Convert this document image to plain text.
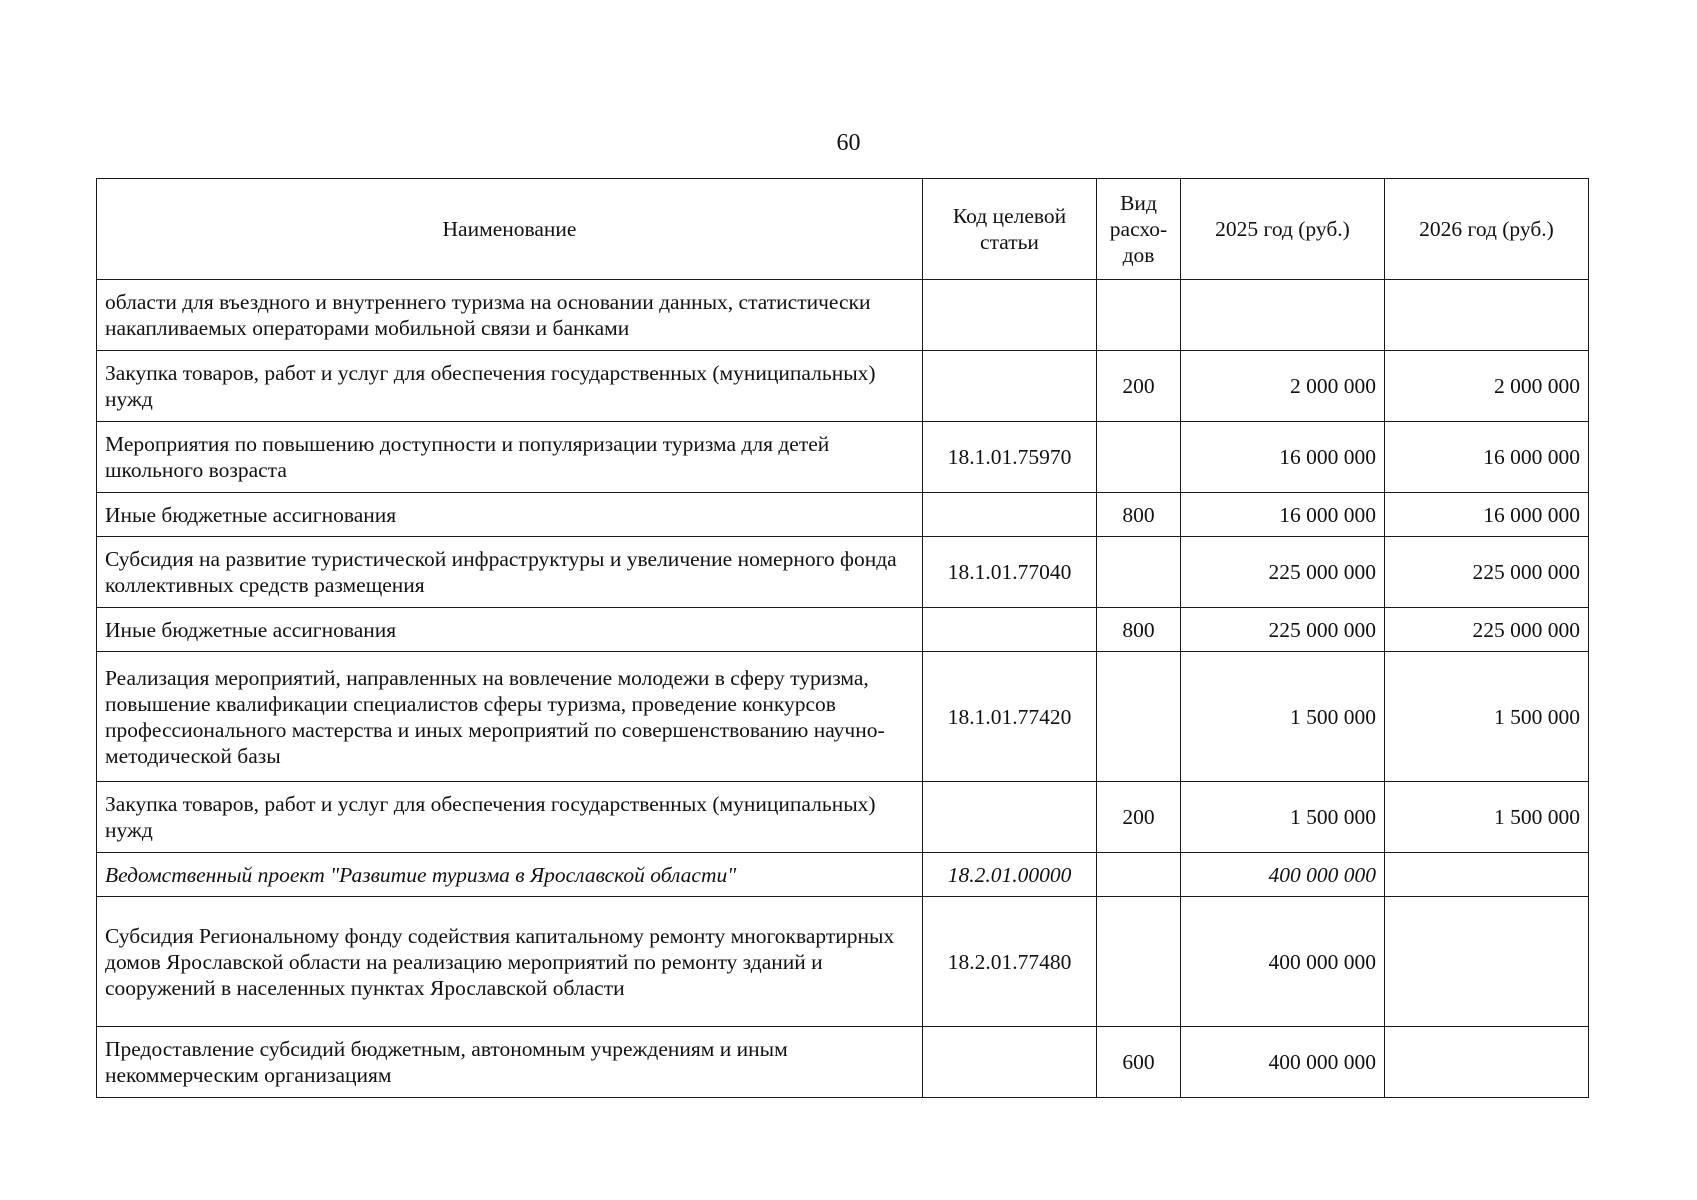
60
Наименование	Код целевой статьи	Вид расхо-дов	2025 год (руб.)	2026 год (руб.)

области для въездного и внутреннего туризма на основании данных, статистически накапливаемых операторами мобильной связи и банками				
Закупка товаров, работ и услуг для обеспечения государственных (муниципальных) нужд		200	2 000 000	2 000 000
Мероприятия по повышению доступности и популяризации туризма для детей школьного возраста	18.1.01.75970		16 000 000	16 000 000
Иные бюджетные ассигнования		800	16 000 000	16 000 000
Субсидия на развитие туристической инфраструктуры и увеличение номерного фонда коллективных средств размещения	18.1.01.77040		225 000 000	225 000 000
Иные бюджетные ассигнования		800	225 000 000	225 000 000
Реализация мероприятий, направленных на вовлечение молодежи в сферу туризма, повышение квалификации специалистов сферы туризма, проведение конкурсов профессионального мастерства и иных мероприятий по совершенствованию научно-методической базы	18.1.01.77420		1 500 000	1 500 000
Закупка товаров, работ и услуг для обеспечения государственных (муниципальных) нужд		200	1 500 000	1 500 000
Ведомственный проект "Развитие туризма в Ярославской области"	18.2.01.00000		400 000 000	
Субсидия Региональному фонду содействия капитальному ремонту многоквартирных домов Ярославской области на реализацию мероприятий по ремонту зданий и сооружений в населенных пунктах Ярославской области	18.2.01.77480		400 000 000	
Предоставление субсидий бюджетным, автономным учреждениям и иным некоммерческим организациям		600	400 000 000	
